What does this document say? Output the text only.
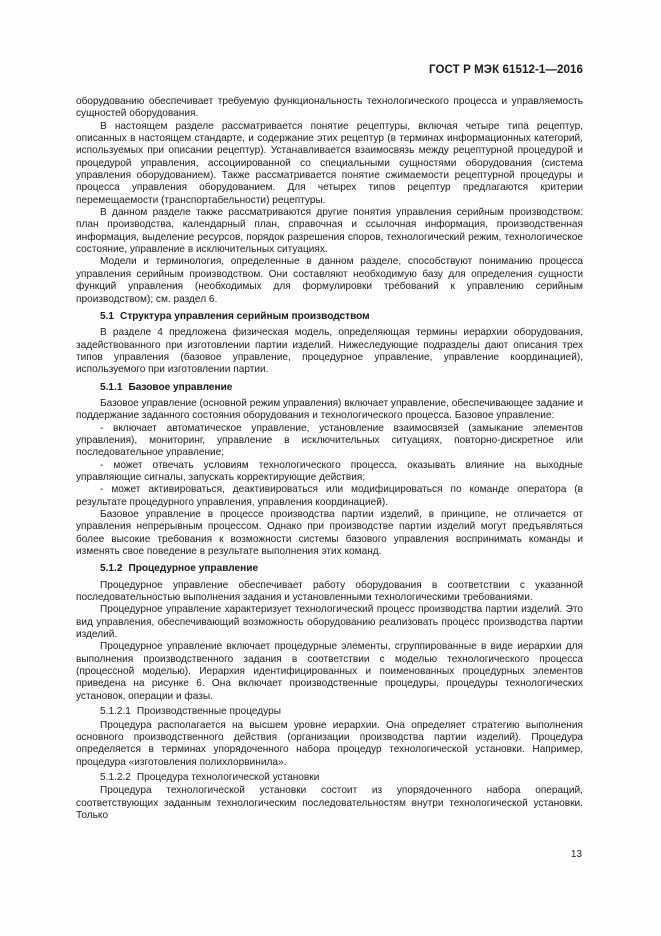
ГОСТ Р МЭК 61512-1—2016

оборудованию обеспечивает требуемую функциональность технологического процесса и управляемость сущностей оборудования.

В настоящем разделе рассматривается понятие рецептуры, включая четыре типа рецептур, описанных в настоящем стандарте, и содержание этих рецептур (в терминах информационных категорий, используемых при описании рецептур). Устанавливается взаимосвязь между рецептурной процедурой и процедурой управления, ассоциированной со специальными сущностями оборудования (система управления оборудованием). Также рассматривается понятие сжимаемости рецептурной процедуры и процесса управления оборудованием. Для четырех типов рецептур предлагаются критерии перемещаемости (транспортабельности) рецептуры.

В данном разделе также рассматриваются другие понятия управления серийным производством: план производства, календарный план, справочная и ссылочная информация, производственная информация, выделение ресурсов, порядок разрешения споров, технологический режим, технологическое состояние, управление в исключительных ситуациях.

Модели и терминология, определенные в данном разделе, способствуют пониманию процесса управления серийным производством. Они составляют необходимую базу для определения сущности функций управления (необходимых для формулировки требований к управлению серийным производством); см. раздел 6.

5.1 Структура управления серийным производством

В разделе 4 предложена физическая модель, определяющая термины иерархии оборудования, задействованного при изготовлении партии изделий. Нижеследующие подразделы дают описания трех типов управления (базовое управление, процедурное управление, управление координацией), используемого при изготовлении партии.

5.1.1 Базовое управление

Базовое управление (основной режим управления) включает управление, обеспечивающее задание и поддержание заданного состояния оборудования и технологического процесса. Базовое управление:

- включает автоматическое управление, установление взаимосвязей (замыкание элементов управления), мониторинг, управление в исключительных ситуациях, повторно-дискретное или последовательное управление;

- может отвечать условиям технологического процесса, оказывать влияние на выходные управляющие сигналы, запускать корректирующие действия;

- может активироваться, деактивироваться или модифицироваться по команде оператора (в результате процедурного управления, управления координацией).

Базовое управление в процессе производства партии изделий, в принципе, не отличается от управления непрерывным процессом. Однако при производстве партии изделий могут предъявляться более высокие требования к возможности системы базового управления воспринимать команды и изменять свое поведение в результате выполнения этих команд.

5.1.2 Процедурное управление

Процедурное управление обеспечивает работу оборудования в соответствии с указанной последовательностью выполнения задания и установленными технологическими требованиями.

Процедурное управление характеризует технологический процесс производства партии изделий. Это вид управления, обеспечивающий возможность оборудованию реализовать процесс производства партии изделий.

Процедурное управление включает процедурные элементы, сгруппированные в виде иерархии для выполнения производственного задания в соответствии с моделью технологического процесса (процессной моделью). Иерархия идентифицированных и поименованных процедурных элементов приведена на рисунке 6. Она включает производственные процедуры, процедуры технологических установок, операции и фазы.

5.1.2.1 Производственные процедуры

Процедура располагается на высшем уровне иерархии. Она определяет стратегию выполнения основного производственного действия (организации производства партии изделий). Процедура определяется в терминах упорядоченного набора процедур технологической установки. Например, процедура «изготовления полихлорвинила».

5.1.2.2 Процедура технологической установки

Процедура технологической установки состоит из упорядоченного набора операций, соответствующих заданным технологическим последовательностям внутри технологической установки. Только

13
